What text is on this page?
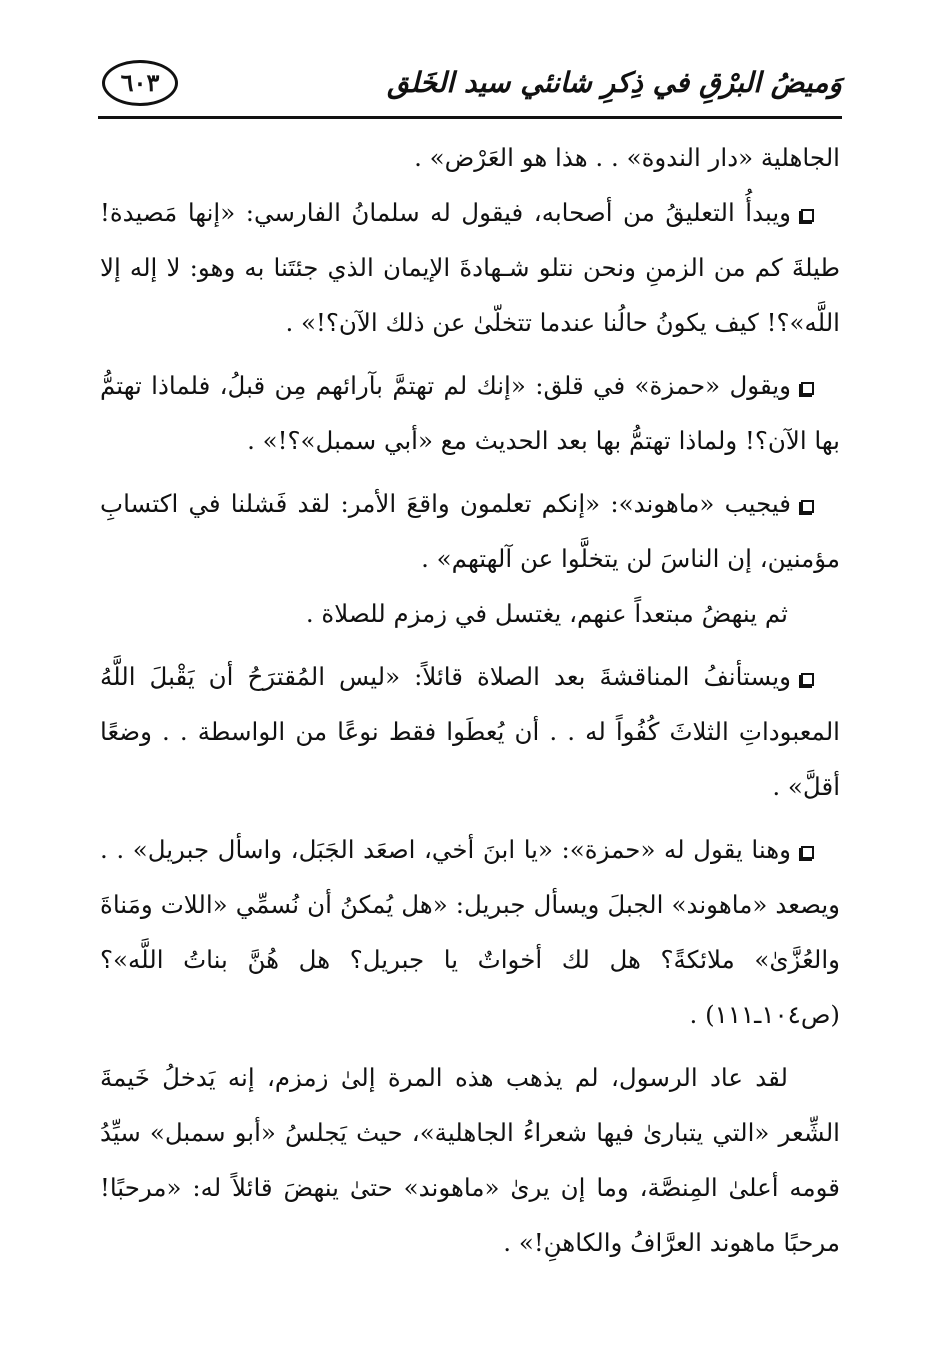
٦٠٣	وَميضُ البرْقِ في ذِكرِ شانئي سيد الخَلق

الجاهلية «دار الندوة» . . هذا هو العَرْض» .

ويبدأُ التعليقُ من أصحابه، فيقول له سلمانُ الفارسي: «إنها مَصيدة! طيلةَ كم من الزمنِ ونحن نتلو شـهادةَ الإيمان الذي جئتَنا به وهو: لا إله إلا اللَّه»؟! كيف يكونُ حالُنا عندما تتخلّىٰ عن ذلك الآن؟!» .

ويقول «حمزة» في قلق: «إنك لم تهتمَّ بآرائهم مِن قبلُ، فلماذا تهتمُّ بها الآن؟! ولماذا تهتمُّ بها بعد الحديث مع «أبي سمبل»؟!» .

فيجيب «ماهوند»: «إنكم تعلمون واقعَ الأمر: لقد فَشلنا في اكتسابِ مؤمنين، إن الناسَ لن يتخلَّوا عن آلهتهم» .

ثم ينهضُ مبتعداً عنهم، يغتسل في زمزم للصلاة .

ويستأنفُ المناقشةَ بعد الصلاة قائلاً: «ليس المُقترَحُ أن يَقْبلَ اللَّهُ المعبوداتِ الثلاثَ كُفُواً له . . أن يُعطَوا فقط نوعًا من الواسطة . . وضعًا أقلَّ» .

وهنا يقول له «حمزة»: «يا ابنَ أخي، اصعَد الجَبَل، واسأل جبريل» . . ويصعد «ماهوند» الجبلَ ويسأل جبريل: «هل يُمكنُ أن نُسمِّي «اللات ومَناةَ والعُزَّىٰ» ملائكةً؟ هل لك أخواتٌ يا جبريل؟ هل هُنَّ بناتُ اللَّه»؟ (ص١٠٤ـ١١١) .

لقد عاد الرسول، لم يذهب هذه المرة إلىٰ زمزم، إنه يَدخلُ خَيمةَ الشِّعر «التي يتبارىٰ فيها شعراءُ الجاهلية»، حيث يَجلسُ «أبو سمبل» سيِّدُ قومه أعلىٰ المِنصَّة، وما إن يرىٰ «ماهوند» حتىٰ ينهضَ قائلاً له: «مرحبًا! مرحبًا ماهوند العرَّافُ والكاهنِ!» .
